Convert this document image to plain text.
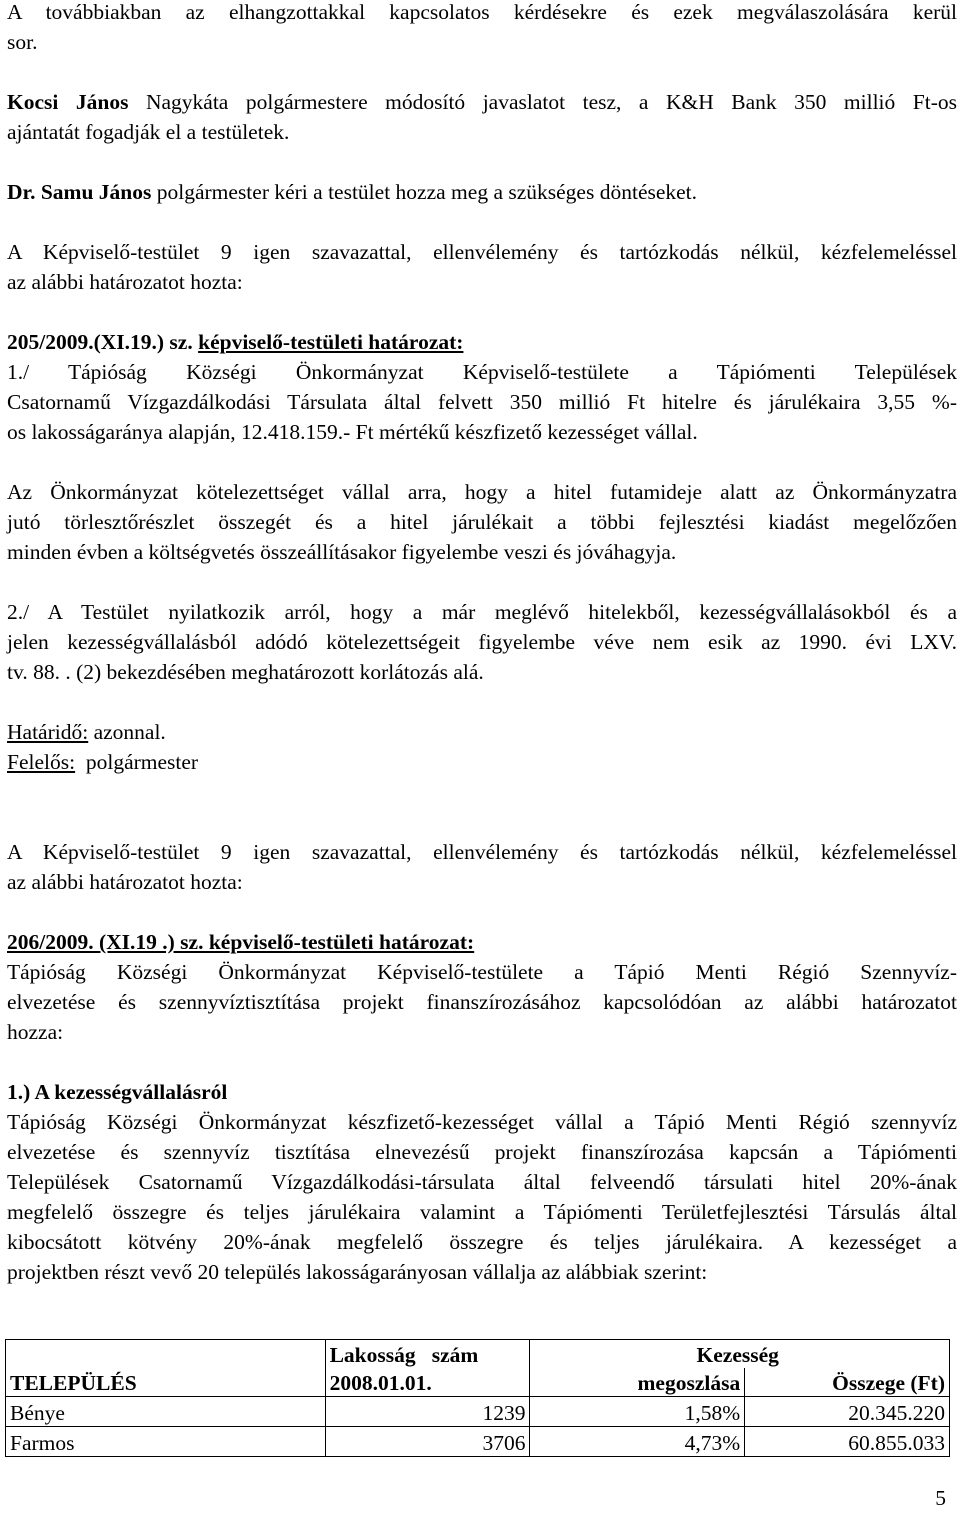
A továbbiakban az elhangzottakkal kapcsolatos kérdésekre és ezek megválaszolására kerül
sor.
Kocsi János Nagykáta polgármestere módosító javaslatot tesz, a K&H Bank 350 millió Ft-os
ajántatát fogadják el a testületek.
Dr. Samu János polgármester kéri a testület hozza meg a szükséges döntéseket.
A Képviselő-testület 9 igen szavazattal, ellenvélemény és tartózkodás nélkül, kézfelemeléssel
az alábbi határozatot hozta:
205/2009.(XI.19.) sz. képviselő-testületi határozat:
1./ Tápióság Községi Önkormányzat Képviselő-testülete a Tápiómenti Települések
Csatornamű Vízgazdálkodási Társulata által felvett 350 millió Ft hitelre és járulékaira 3,55 %-
os lakosságaránya alapján, 12.418.159.- Ft mértékű készfizető kezességet vállal.
Az Önkormányzat kötelezettséget vállal arra, hogy a hitel futamideje alatt az Önkormányzatra
jutó törlesztőrészlet összegét és a hitel járulékait a többi fejlesztési kiadást megelőzően
minden évben a költségvetés összeállításakor figyelembe veszi és jóváhagyja.
2./ A Testület nyilatkozik arról, hogy a már meglévő hitelekből, kezességvállalásokból és a
jelen kezességvállalásból adódó kötelezettségeit figyelembe véve nem esik az 1990. évi LXV.
tv. 88. . (2) bekezdésében meghatározott korlátozás alá.
Határidő: azonnal.
Felelős:  polgármester
A Képviselő-testület 9 igen szavazattal, ellenvélemény és tartózkodás nélkül, kézfelemeléssel
az alábbi határozatot hozta:
206/2009. (XI.19 .) sz. képviselő-testületi határozat:
Tápióság Községi Önkormányzat Képviselő-testülete a Tápió Menti Régió Szennyvíz-
elvezetése és szennyvíztisztítása projekt finanszírozásához kapcsolódóan az alábbi határozatot
hozza:
1.) A kezességvállalásról
Tápióság Községi Önkormányzat készfizető-kezességet vállal a Tápió Menti Régió szennyvíz
elvezetése és szennyvíz tisztítása elnevezésű projekt finanszírozása kapcsán a Tápiómenti
Települések Csatornamű Vízgazdálkodási-társulata által felveendő társulati hitel 20%-ának
megfelelő összegre és teljes járulékaira valamint a Tápiómenti Területfejlesztési Társulás által
kibocsátott kötvény 20%-ának megfelelő összegre és teljes járulékaira. A kezességet a
projektben részt vevő 20 település lakosságarányosan vállalja az alábbiak szerint:
TELEPÜLÉS	Lakosság   szám	Kezesség	
	2008.01.01.	megoszlása	Összege (Ft)
Bénye	1239	1,58%	20.345.220
Farmos	3706	4,73%	60.855.033
5
